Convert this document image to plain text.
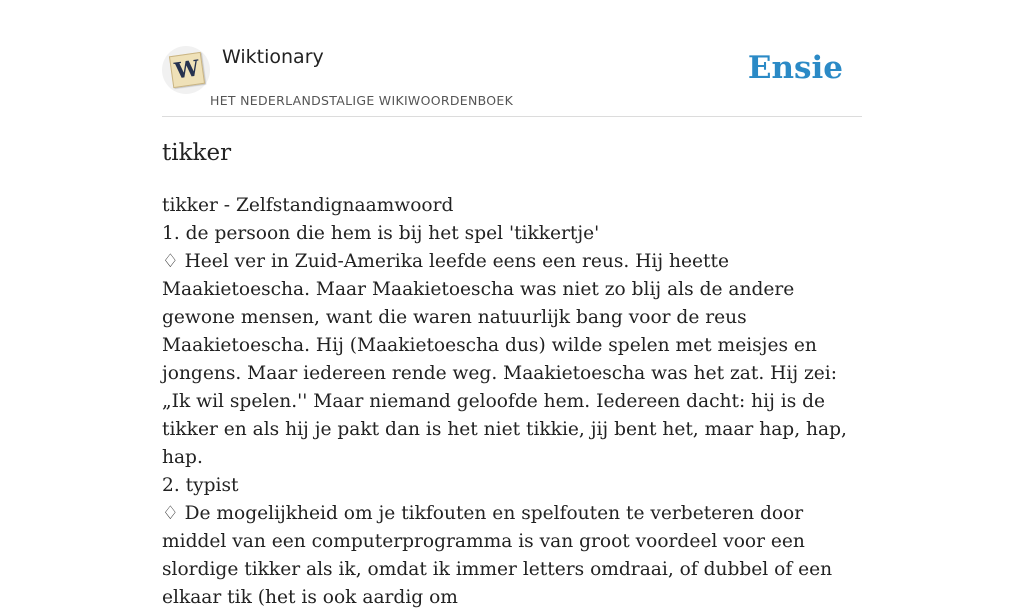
W Wiktionary
HET NEDERLANDSTALIGE WIKIWOORDENBOEK
Ensie
tikker

tikker - Zelfstandignaamwoord

1. de persoon die hem is bij het spel 'tikkertje'

♢ Heel ver in Zuid-Amerika leefde eens een reus. Hij heette Maakietoescha. Maar Maakietoescha was niet zo blij als de andere gewone mensen, want die waren natuurlijk bang voor de reus Maakietoescha. Hij (Maakietoescha dus) wilde spelen met meisjes en jongens. Maar iedereen rende weg. Maakietoescha was het zat. Hij zei: „Ik wil spelen.'' Maar niemand geloofde hem. Iedereen dacht: hij is de tikker en als hij je pakt dan is het niet tikkie, jij bent het, maar hap, hap, hap.

2. typist

♢ De mogelijkheid om je tikfouten en spelfouten te verbeteren door middel van een computerprogramma is van groot voordeel voor een slordige tikker als ik, omdat ik immer letters omdraai, of dubbel of een elkaar tik (het is ook aardig om
